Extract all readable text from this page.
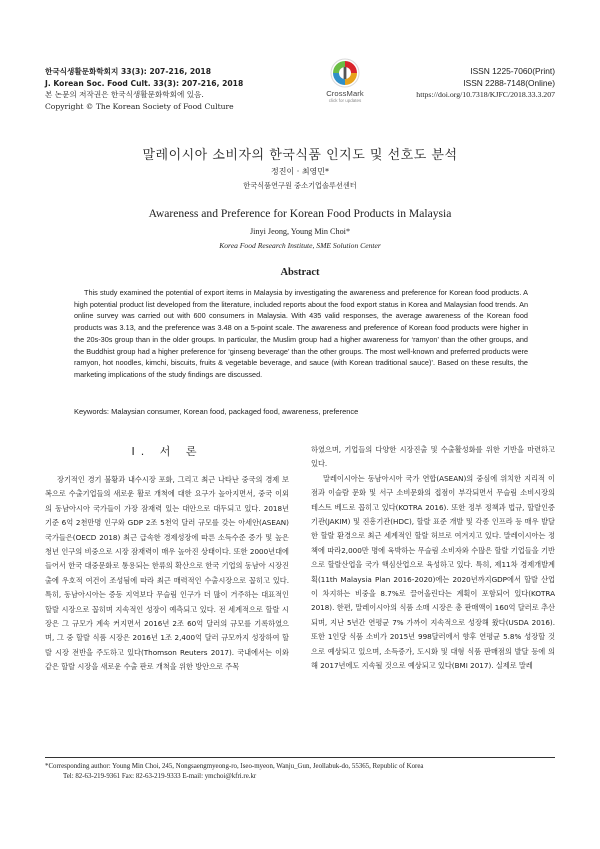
한국식생활문화학회지 33(3): 207-216, 2018
J. Korean Soc. Food Cult. 33(3): 207-216, 2018
본 논문의 저작권은 한국식생활문화학회에 있음.
Copyright © The Korean Society of Food Culture
CrossMark
click for updates
ISSN 1225-7060(Print)
ISSN 2288-7148(Online)
https://doi.org/10.7318/KJFC/2018.33.3.207
말레이시아 소비자의 한국식품 인지도 및 선호도 분석
정진이 · 최영민*
한국식품연구원 중소기업솔루션센터
Awareness and Preference for Korean Food Products in Malaysia
Jinyi Jeong, Young Min Choi*
Korea Food Research Institute, SME Solution Center
Abstract

This study examined the potential of export items in Malaysia by investigating the awareness and preference for Korean food products. A high potential product list developed from the literature, included reports about the food export status in Korea and Malaysian food trends. An online survey was carried out with 600 consumers in Malaysia. With 435 valid responses, the average awareness of the Korean food products was 3.13, and the preference was 3.48 on a 5-point scale. The awareness and preference of Korean food products were higher in the 20s-30s group than in the older groups. In particular, the Muslim group had a higher awareness for ‘ramyon’ than the other groups, and the Buddhist group had a higher preference for ‘ginseng beverage’ than the other groups. The most well-known and preferred products were ramyon, hot noodles, kimchi, biscuits, fruits & vegetable beverage, and sauce (with Korean traditional sauce)’. Based on these results, the marketing implications of the study findings are discussed.

Keywords: Malaysian consumer, Korean food, packaged food, awareness, preference
I. 서 론

장기적인 경기 불황과 내수시장 포화, 그리고 최근 나타난 중국의 경제 보복으로 수출기업들의 새로운 활로 개척에 대한 요구가 높아지면서, 중국 이외의 동남아시아 국가들이 가장 잠재력 있는 대안으로 대두되고 있다. 2018년 기준 6억 2천만명 인구와 GDP 2조 5천억 달러 규모를 갖는 아세안(ASEAN) 국가들은(OECD 2018) 최근 급속한 경제성장에 따른 소득수준 증가 및 높은 청년 인구의 비중으로 시장 잠재력이 매우 높아진 상태이다. 또한 2000년대에 들어서 한국 대중문화로 통용되는 한류의 확산으로 한국 기업의 동남아 시장진출에 우호적 여건이 조성됨에 따라 최근 매력적인 수출시장으로 꼽히고 있다. 특히, 동남아시아는 증동 지역보다 무슬림 인구가 더 많이 거주하는 대표적인 할랄 시장으로 꼽히며 지속적인 성장이 예측되고 있다. 전 세계적으로 할랄 시장은 그 규모가 계속 커지면서 2016년 2조 60억 달러의 규모를 기록하였으며, 그 중 할랄 식품 시장은 2016년 1조 2,400억 달러 규모까지 성장하여 할랄 시장 전반을 주도하고 있다(Thomson Reuters 2017). 국내에서는 이와 같은 할랄 시장을 새로운 수출 판로 개척을 위한 방안으로 주목

하였으며, 기업들의 다양한 시장진출 및 수출활성화를 위한 기반을 마련하고 있다.

말레이시아는 동남아시아 국가 연합(ASEAN)의 중심에 위치한 지리적 이점과 이슬람 문화 및 서구 소비문화의 접점이 부각되면서 무슬림 소비시장의 테스트 베드로 꼽히고 있다(KOTRA 2016). 또한 정부 정책과 법규, 할랄인증기관(JAKIM) 및 진흥기관(HDC), 할랄 표준 개발 및 각종 인프라 등 매우 발달한 할랄 환경으로 최근 세계적인 할랄 허브로 여겨지고 있다. 말레이시아는 정책에 따라2,000만 명에 육박하는 무슬림 소비자와 수많은 할랄 기업들을 기반으로 할랄산업을 국가 핵심산업으로 육성하고 있다. 특히, 제11차 경제개발계획(11th Malaysia Plan 2016-2020)에는 2020년까지GDP에서 할랄 산업이 차지하는 비중을 8.7%로 끌어올린다는 계획이 포함되어 있다(KOTRA 2018). 한편, 말레이시아의 식품 소매 시장은 총 판매액이 160억 달러로 추산되며, 지난 5년간 연평균 7% 가까이 지속적으로 성장해 왔다(USDA 2016). 또한 1인당 식품 소비가 2015년 998달러에서 향후 연평균 5.8% 성장할 것으로 예상되고 있으며, 소득증가, 도시화 및 대형 식품 판매점의 발달 등에 의해 2017년에도 지속될 것으로 예상되고 있다(BMI 2017). 실제로 말레

*Corresponding author: Young Min Choi, 245, Nongsaengmyeong-ro, Iseo-myeon, Wanju_Gun, Jeollabuk-do, 55365, Republic of Korea
Tel: 82-63-219-9361 Fax: 82-63-219-9333 E-mail: ymchoi@kfri.re.kr
